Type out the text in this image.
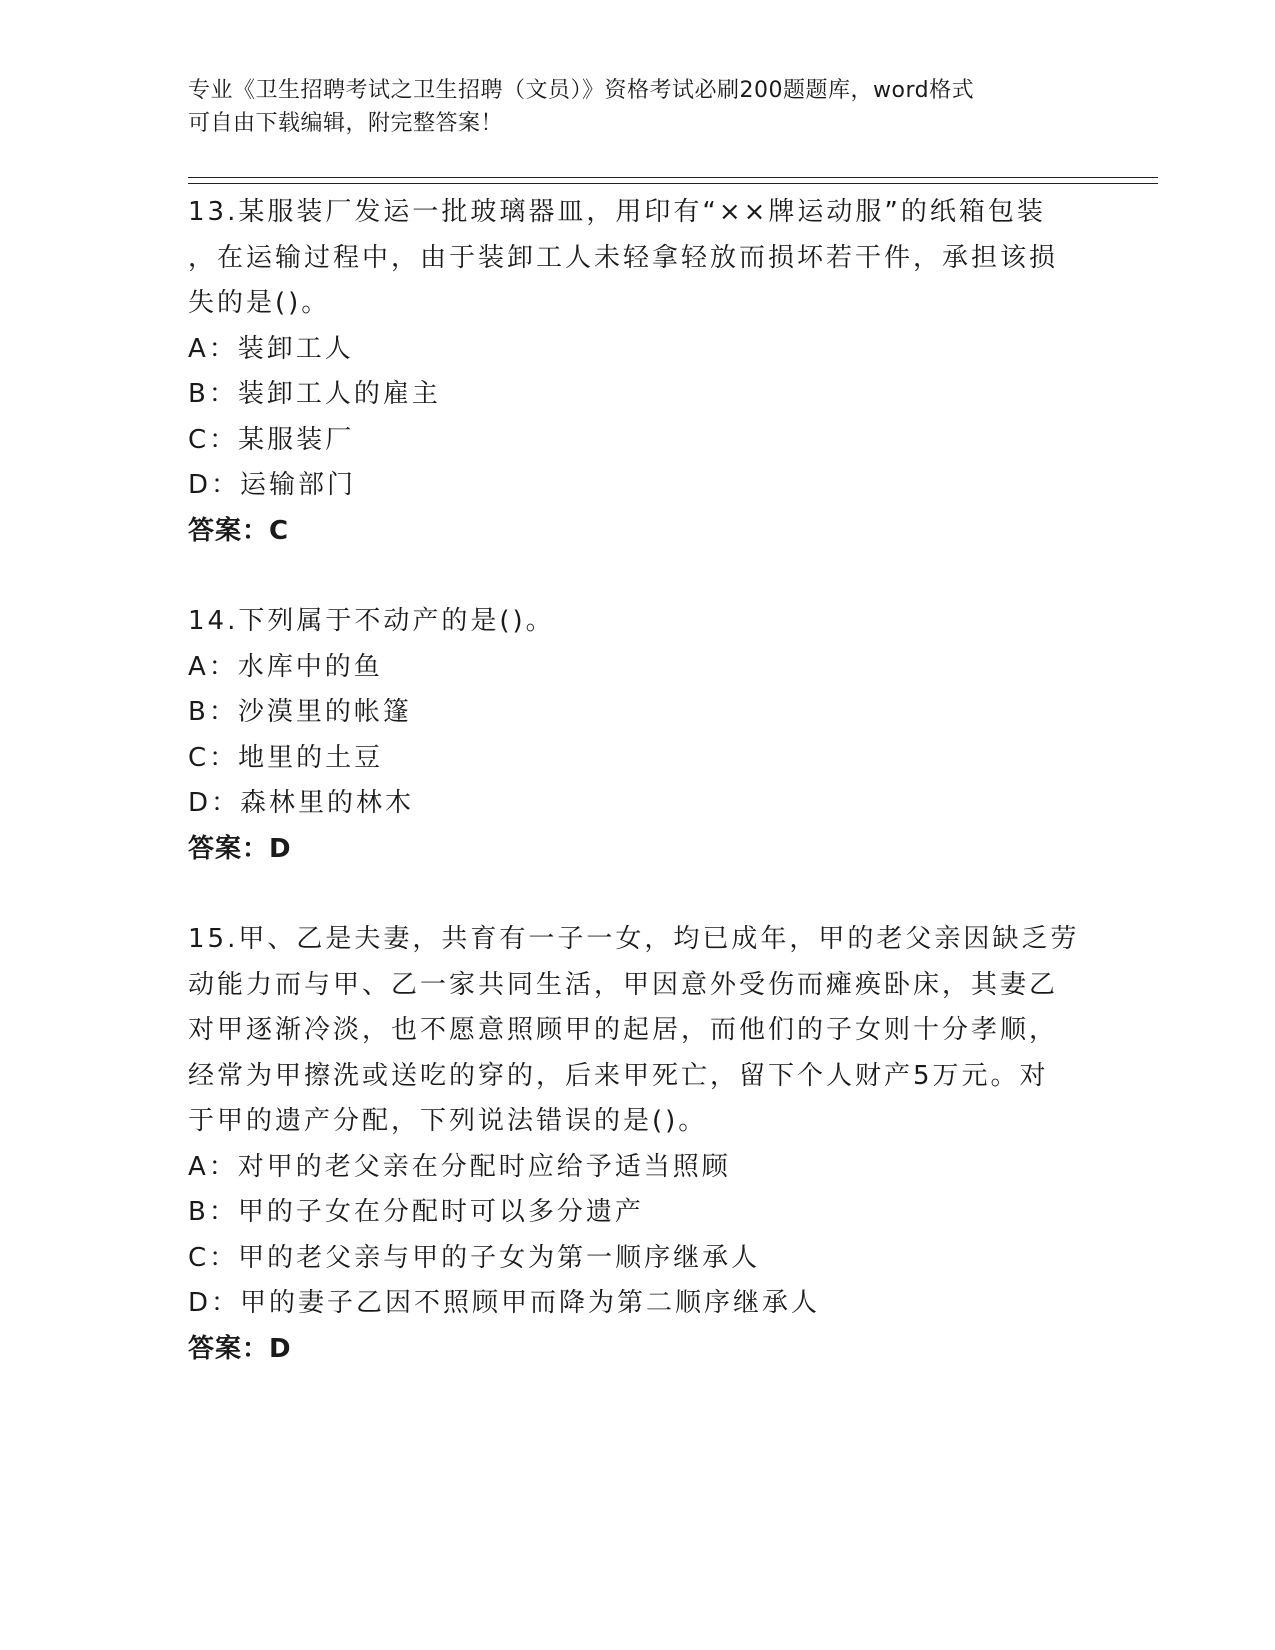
专业《卫生招聘考试之卫生招聘（文员）》资格考试必刷200题题库，word格式
可自由下载编辑，附完整答案！
13.某服装厂发运一批玻璃器皿，用印有“××牌运动服”的纸箱包装
，在运输过程中，由于装卸工人未轻拿轻放而损坏若干件，承担该损
失的是()。
A：装卸工人
B：装卸工人的雇主
C：某服装厂
D：运输部门
答案：C
14.下列属于不动产的是()。
A：水库中的鱼
B：沙漠里的帐篷
C：地里的土豆
D：森林里的林木
答案：D
15.甲、乙是夫妻，共育有一子一女，均已成年，甲的老父亲因缺乏劳
动能力而与甲、乙一家共同生活，甲因意外受伤而瘫痪卧床，其妻乙
对甲逐渐冷淡，也不愿意照顾甲的起居，而他们的子女则十分孝顺，
经常为甲擦洗或送吃的穿的，后来甲死亡，留下个人财产5万元。对
于甲的遗产分配，下列说法错误的是()。
A：对甲的老父亲在分配时应给予适当照顾
B：甲的子女在分配时可以多分遗产
C：甲的老父亲与甲的子女为第一顺序继承人
D：甲的妻子乙因不照顾甲而降为第二顺序继承人
答案：D
